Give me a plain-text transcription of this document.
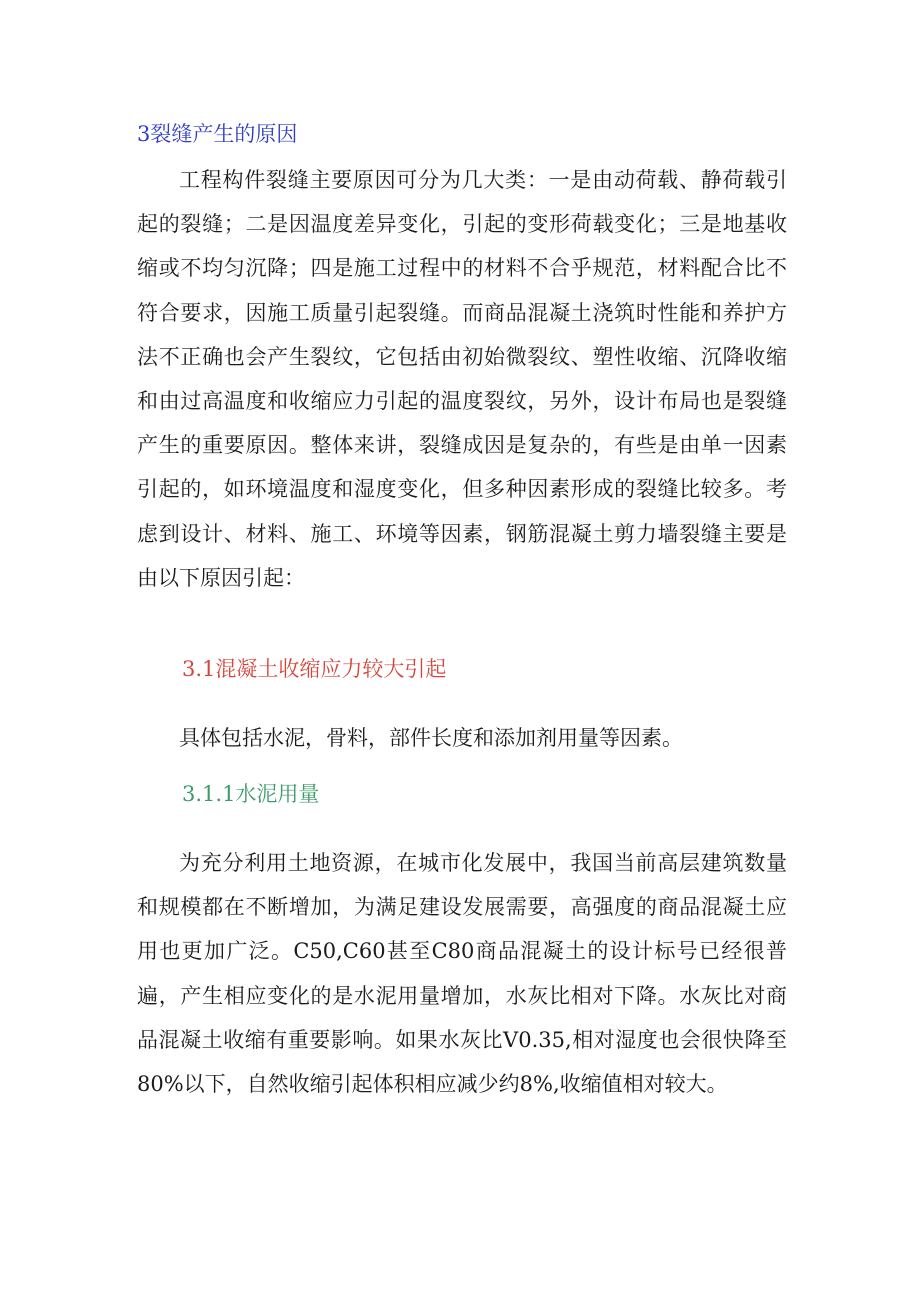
3裂缝产生的原因

工程构件裂缝主要原因可分为几大类：一是由动荷载、静荷载引起的裂缝；二是因温度差异变化，引起的变形荷载变化；三是地基收缩或不均匀沉降；四是施工过程中的材料不合乎规范，材料配合比不符合要求，因施工质量引起裂缝。而商品混凝土浇筑时性能和养护方法不正确也会产生裂纹，它包括由初始微裂纹、塑性收缩、沉降收缩和由过高温度和收缩应力引起的温度裂纹，另外，设计布局也是裂缝产生的重要原因。整体来讲，裂缝成因是复杂的，有些是由单一因素引起的，如环境温度和湿度变化，但多种因素形成的裂缝比较多。考虑到设计、材料、施工、环境等因素，钢筋混凝土剪力墙裂缝主要是由以下原因引起：

3.1混凝土收缩应力较大引起

具体包括水泥，骨料，部件长度和添加剂用量等因素。

3.1.1水泥用量

为充分利用土地资源，在城市化发展中，我国当前高层建筑数量和规模都在不断增加，为满足建设发展需要，高强度的商品混凝土应用也更加广泛。C50,C60甚至C80商品混凝土的设计标号已经很普遍，产生相应变化的是水泥用量增加，水灰比相对下降。水灰比对商品混凝土收缩有重要影响。如果水灰比V0.35,相对湿度也会很快降至80%以下，自然收缩引起体积相应减少约8%,收缩值相对较大。
